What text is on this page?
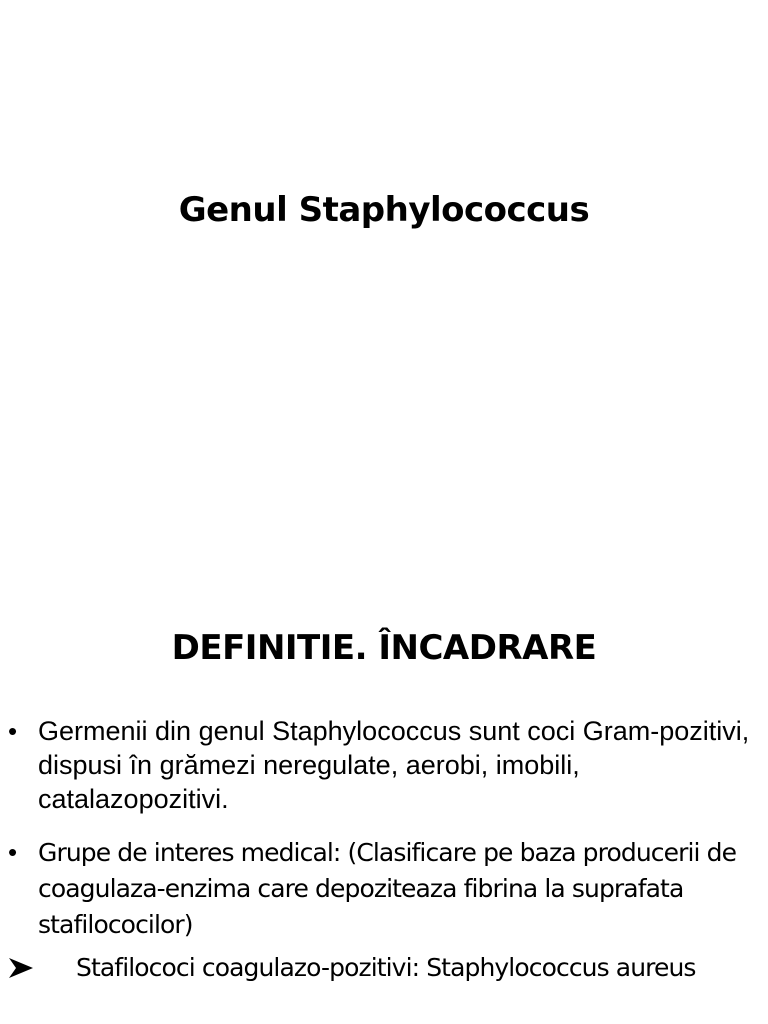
Genul Staphylococcus
DEFINITIE. ÎNCADRARE
• Germenii din genul Staphylococcus sunt coci Gram-pozitivi, dispusi în grămezi neregulate, aerobi, imobili, catalazopozitivi.
• Grupe de interes medical: (Clasificare pe baza producerii de coagulaza-enzima care depoziteaza fibrina la suprafata stafilococilor)
Stafilococi coagulazo-pozitivi: Staphylococcus aureus
